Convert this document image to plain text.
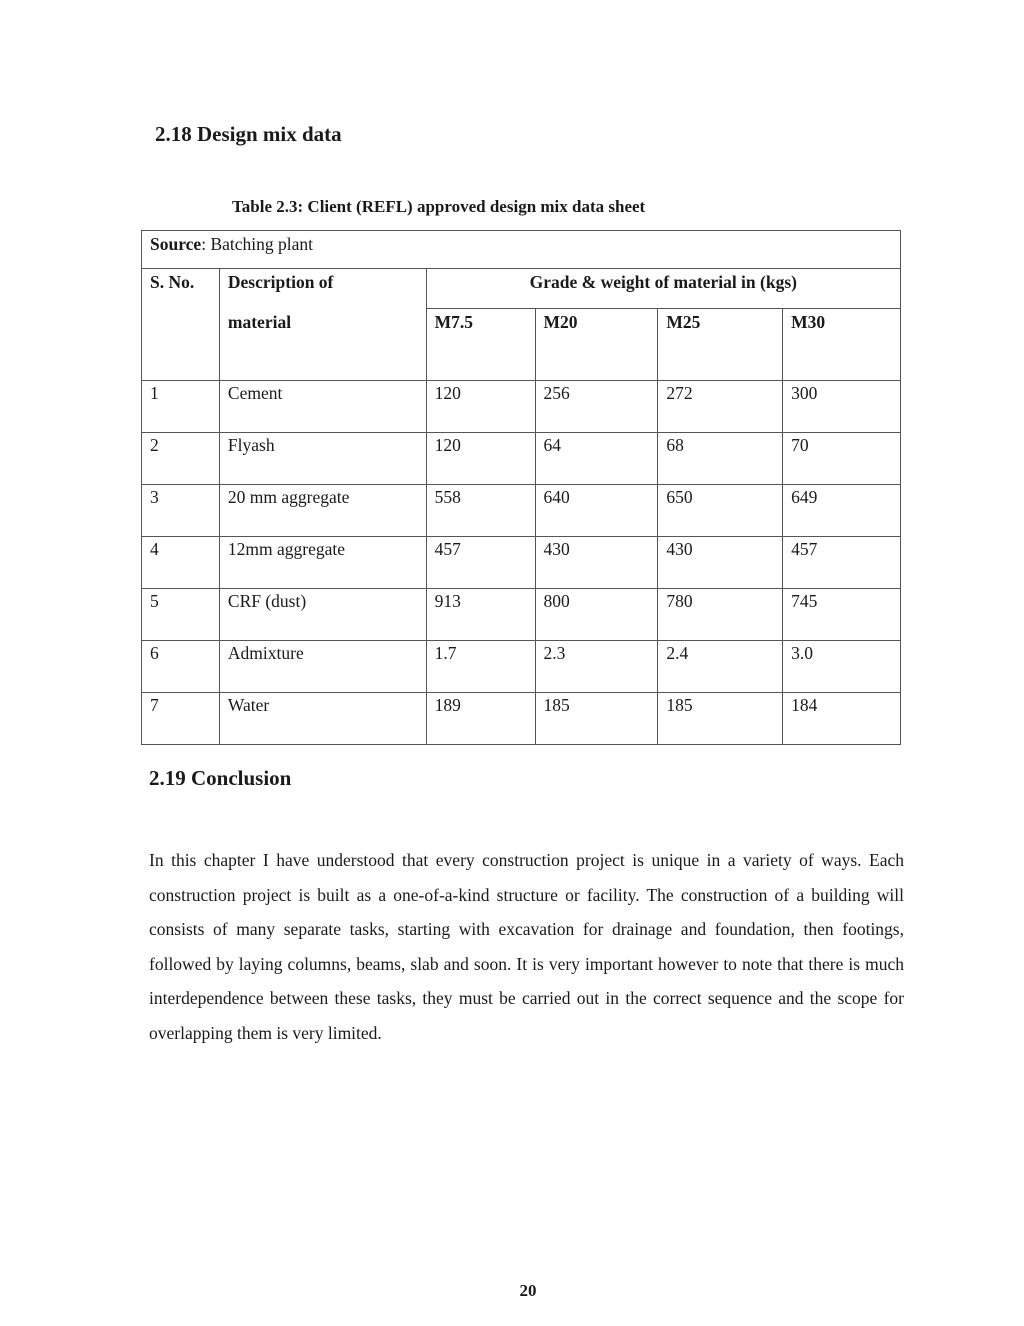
2.18 Design mix data
Table 2.3: Client (REFL) approved design mix data sheet
Source: Batching plant					
S. No.	Description of	Grade & weight of material in (kgs)			
	material	M7.5	M20	M25	M30
1	Cement	120	256	272	300
2	Flyash	120	64	68	70
3	20 mm aggregate	558	640	650	649
4	12mm aggregate	457	430	430	457
5	CRF (dust)	913	800	780	745
6	Admixture	1.7	2.3	2.4	3.0
7	Water	189	185	185	184
2.19 Conclusion

In this chapter I have understood that every construction project is unique in a variety of ways. Each construction project is built as a one-of-a-kind structure or facility. The construction of a building will consists of many separate tasks, starting with excavation for drainage and foundation, then footings, followed by laying columns, beams, slab and soon. It is very important however to note that there is much interdependence between these tasks, they must be carried out in the correct sequence and the scope for overlapping them is very limited.

20
